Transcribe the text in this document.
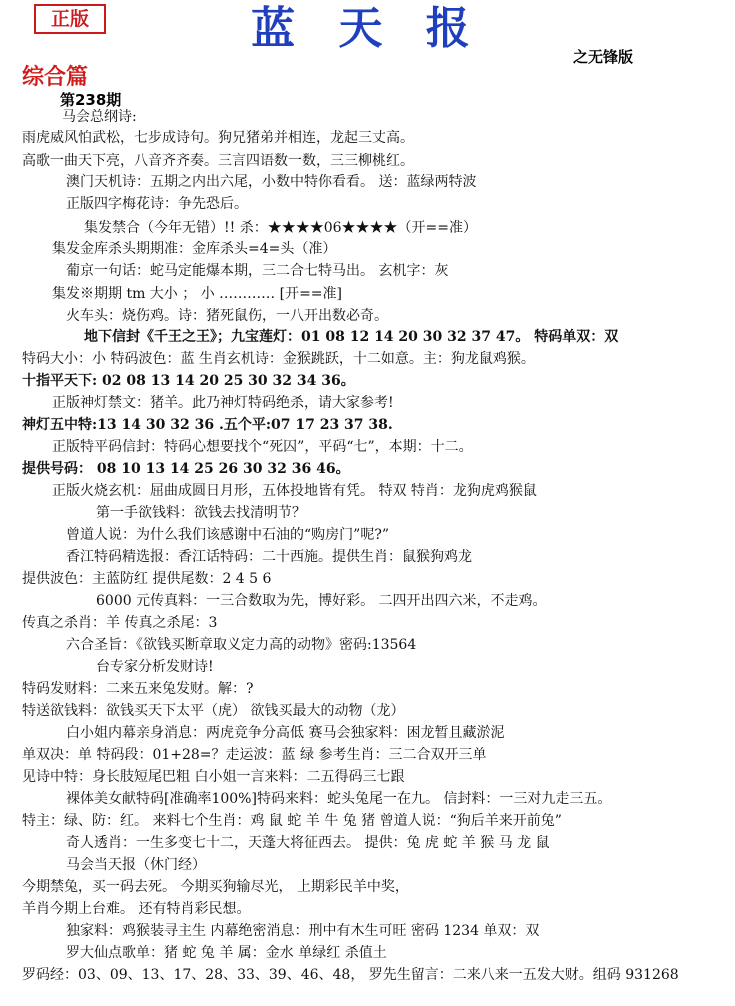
正版	蓝 天 报
之无锋版
综合篇
第238期
马会总纲诗:
雨虎威风怕武松，七步成诗句。狗兄猪弟并相连，龙起三丈高。
高歌一曲天下亮，八音齐齐奏。三言四语数一数，三三柳桃红。
澳门天机诗：五期之内出六尾，小数中特你看看。 送：蓝绿两特波
正版四字梅花诗：争先恐后。
集发禁合（今年无错）!! 杀：★★★★06★★★★（开==准）
集发金库杀头期期准：金库杀头=4=头（准）
葡京一句话：蛇马定能爆本期，三二合七特马出。 玄机字：灰
集发※期期 tm 大小 ； 小 ………… [开==准]
火车头：烧伤鸡。诗：猪死鼠伤，一八开出数必奇。
地下信封《千王之王》；九宝莲灯：01 08 12 14 20 30 32 37 47。 特码单双：双
特码大小：小 特码波色：蓝 生肖玄机诗：金猴跳跃，十二如意。主：狗龙鼠鸡猴。
十指平天下: 02 08 13 14 20 25 30 32 34 36。
正版神灯禁文：猪羊。此乃神灯特码绝杀，请大家参考!
神灯五中特:13 14 30 32 36 .五个平:07 17 23 37 38.
正版特平码信封：特码心想要找个“死囚”，平码“七”，本期：十二。
提供号码： 08 10 13 14 25 26 30 32 36 46。
正版火烧玄机：屈曲成圆日月形，五体投地皆有凭。 特双 特肖：龙狗虎鸡猴鼠
第一手欲钱料：欲钱去找清明节？
曾道人说：为什么我们该感谢中石油的“购房门”呢?”
香江特码精选报：香江话特码：二十西施。提供生肖：鼠猴狗鸡龙
提供波色：主蓝防红 提供尾数：2 4 5 6
6000 元传真料：一三合数取为先，博好彩。 二四开出四六米，不走鸡。
传真之杀肖：羊 传真之杀尾：3
六合圣旨：《欲钱买断章取义定力高的动物》密码:13564
台专家分析发财诗!
特码发财料：二来五来兔发财。解：?
特送欲钱料：欲钱买天下太平（虎） 欲钱买最大的动物（龙）
白小姐内幕亲身消息：两虎竞争分高低 赛马会独家料：困龙暂且藏淤泥
单双决：单 特码段：01+28=？走运波：蓝 绿 参考生肖：三二合双开三单
见诗中特：身长肢短尾巴粗 白小姐一言来料：二五得码三七跟
裸体美女献特码[准确率100%]特码来料：蛇头兔尾一在九。 信封料：一三对九走三五。
特主：绿、防：红。 来料七个生肖：鸡 鼠 蛇 羊 牛 兔 猪 曾道人说：“狗后羊来开前兔”
奇人透肖：一生多变七十二，天蓬大将征西去。 提供：兔 虎 蛇 羊 猴 马 龙 鼠
马会当天报（休门经）
今期禁兔，买一码去死。 今期买狗输尽光， 上期彩民羊中奖，
羊肖今期上台难。 还有特肖彩民想。
独家料：鸡猴装寻主生 内幕绝密消息：刑中有木生可旺 密码 1234 单双：双
罗大仙点歌单：猪 蛇 兔 羊 属：金水 单绿红 杀值土
罗码经：03、09、13、17、28、33、39、46、48， 罗先生留言：二来八来一五发大财。组码 931268
